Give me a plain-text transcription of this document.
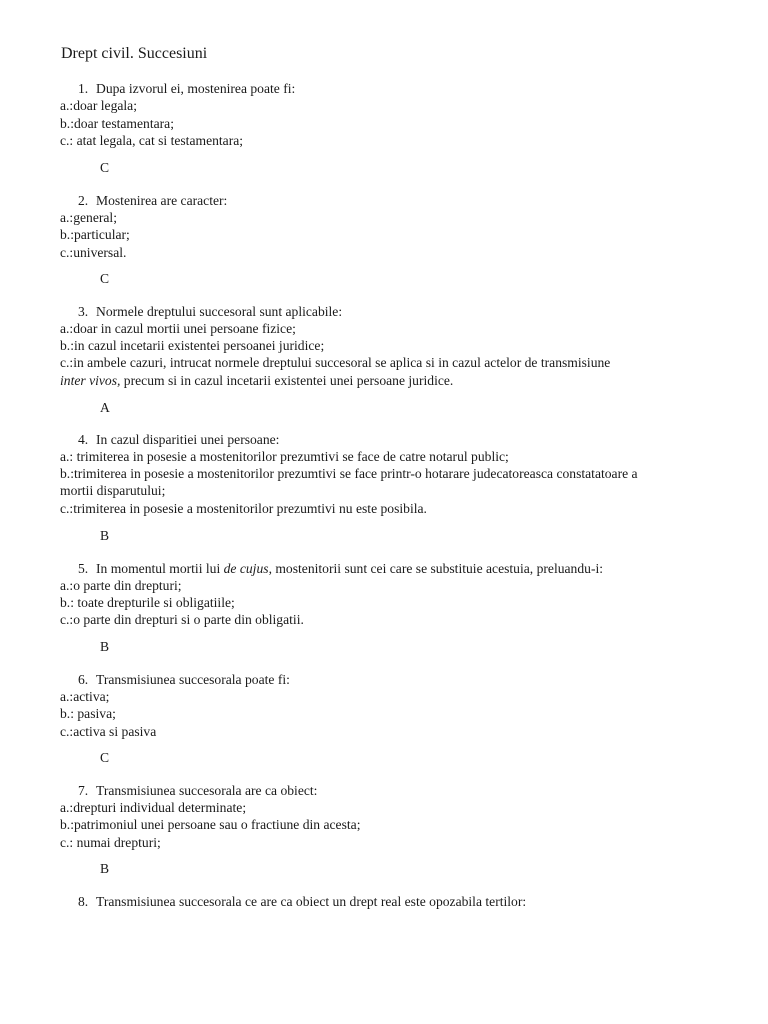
Drept civil. Succesiuni
1. Dupa izvorul ei, mostenirea poate fi:
a.:doar legala;
b.:doar testamentara;
c.: atat legala, cat si testamentara;
C
2. Mostenirea are caracter:
a.:general;
b.:particular;
c.:universal.
C
3. Normele dreptului succesoral sunt aplicabile:
a.:doar in cazul mortii unei persoane fizice;
b.:in cazul incetarii existentei persoanei juridice;
c.:in ambele cazuri, intrucat normele dreptului succesoral se aplica si in cazul actelor de transmisiune
inter vivos, precum si in cazul incetarii existentei unei persoane juridice.
A
4. In cazul disparitiei unei persoane:
a.: trimiterea in posesie a mostenitorilor prezumtivi se face de catre notarul public;
b.:trimiterea in posesie a mostenitorilor prezumtivi se face printr-o hotarare judecatoreasca constatatoare a
mortii disparutului;
c.:trimiterea in posesie a mostenitorilor prezumtivi nu este posibila.
B
5. In momentul mortii lui de cujus, mostenitorii sunt cei care se substituie acestuia, preluandu-i:
a.:o parte din drepturi;
b.: toate drepturile si obligatiile;
c.:o parte din drepturi si o parte din obligatii.
B
6. Transmisiunea succesorala poate fi:
a.:activa;
b.: pasiva;
c.:activa si pasiva
C
7. Transmisiunea succesorala are ca obiect:
a.:drepturi individual determinate;
b.:patrimoniul unei persoane sau o fractiune din acesta;
c.: numai drepturi;
B
8. Transmisiunea succesorala ce are ca obiect un drept real este opozabila tertilor:
